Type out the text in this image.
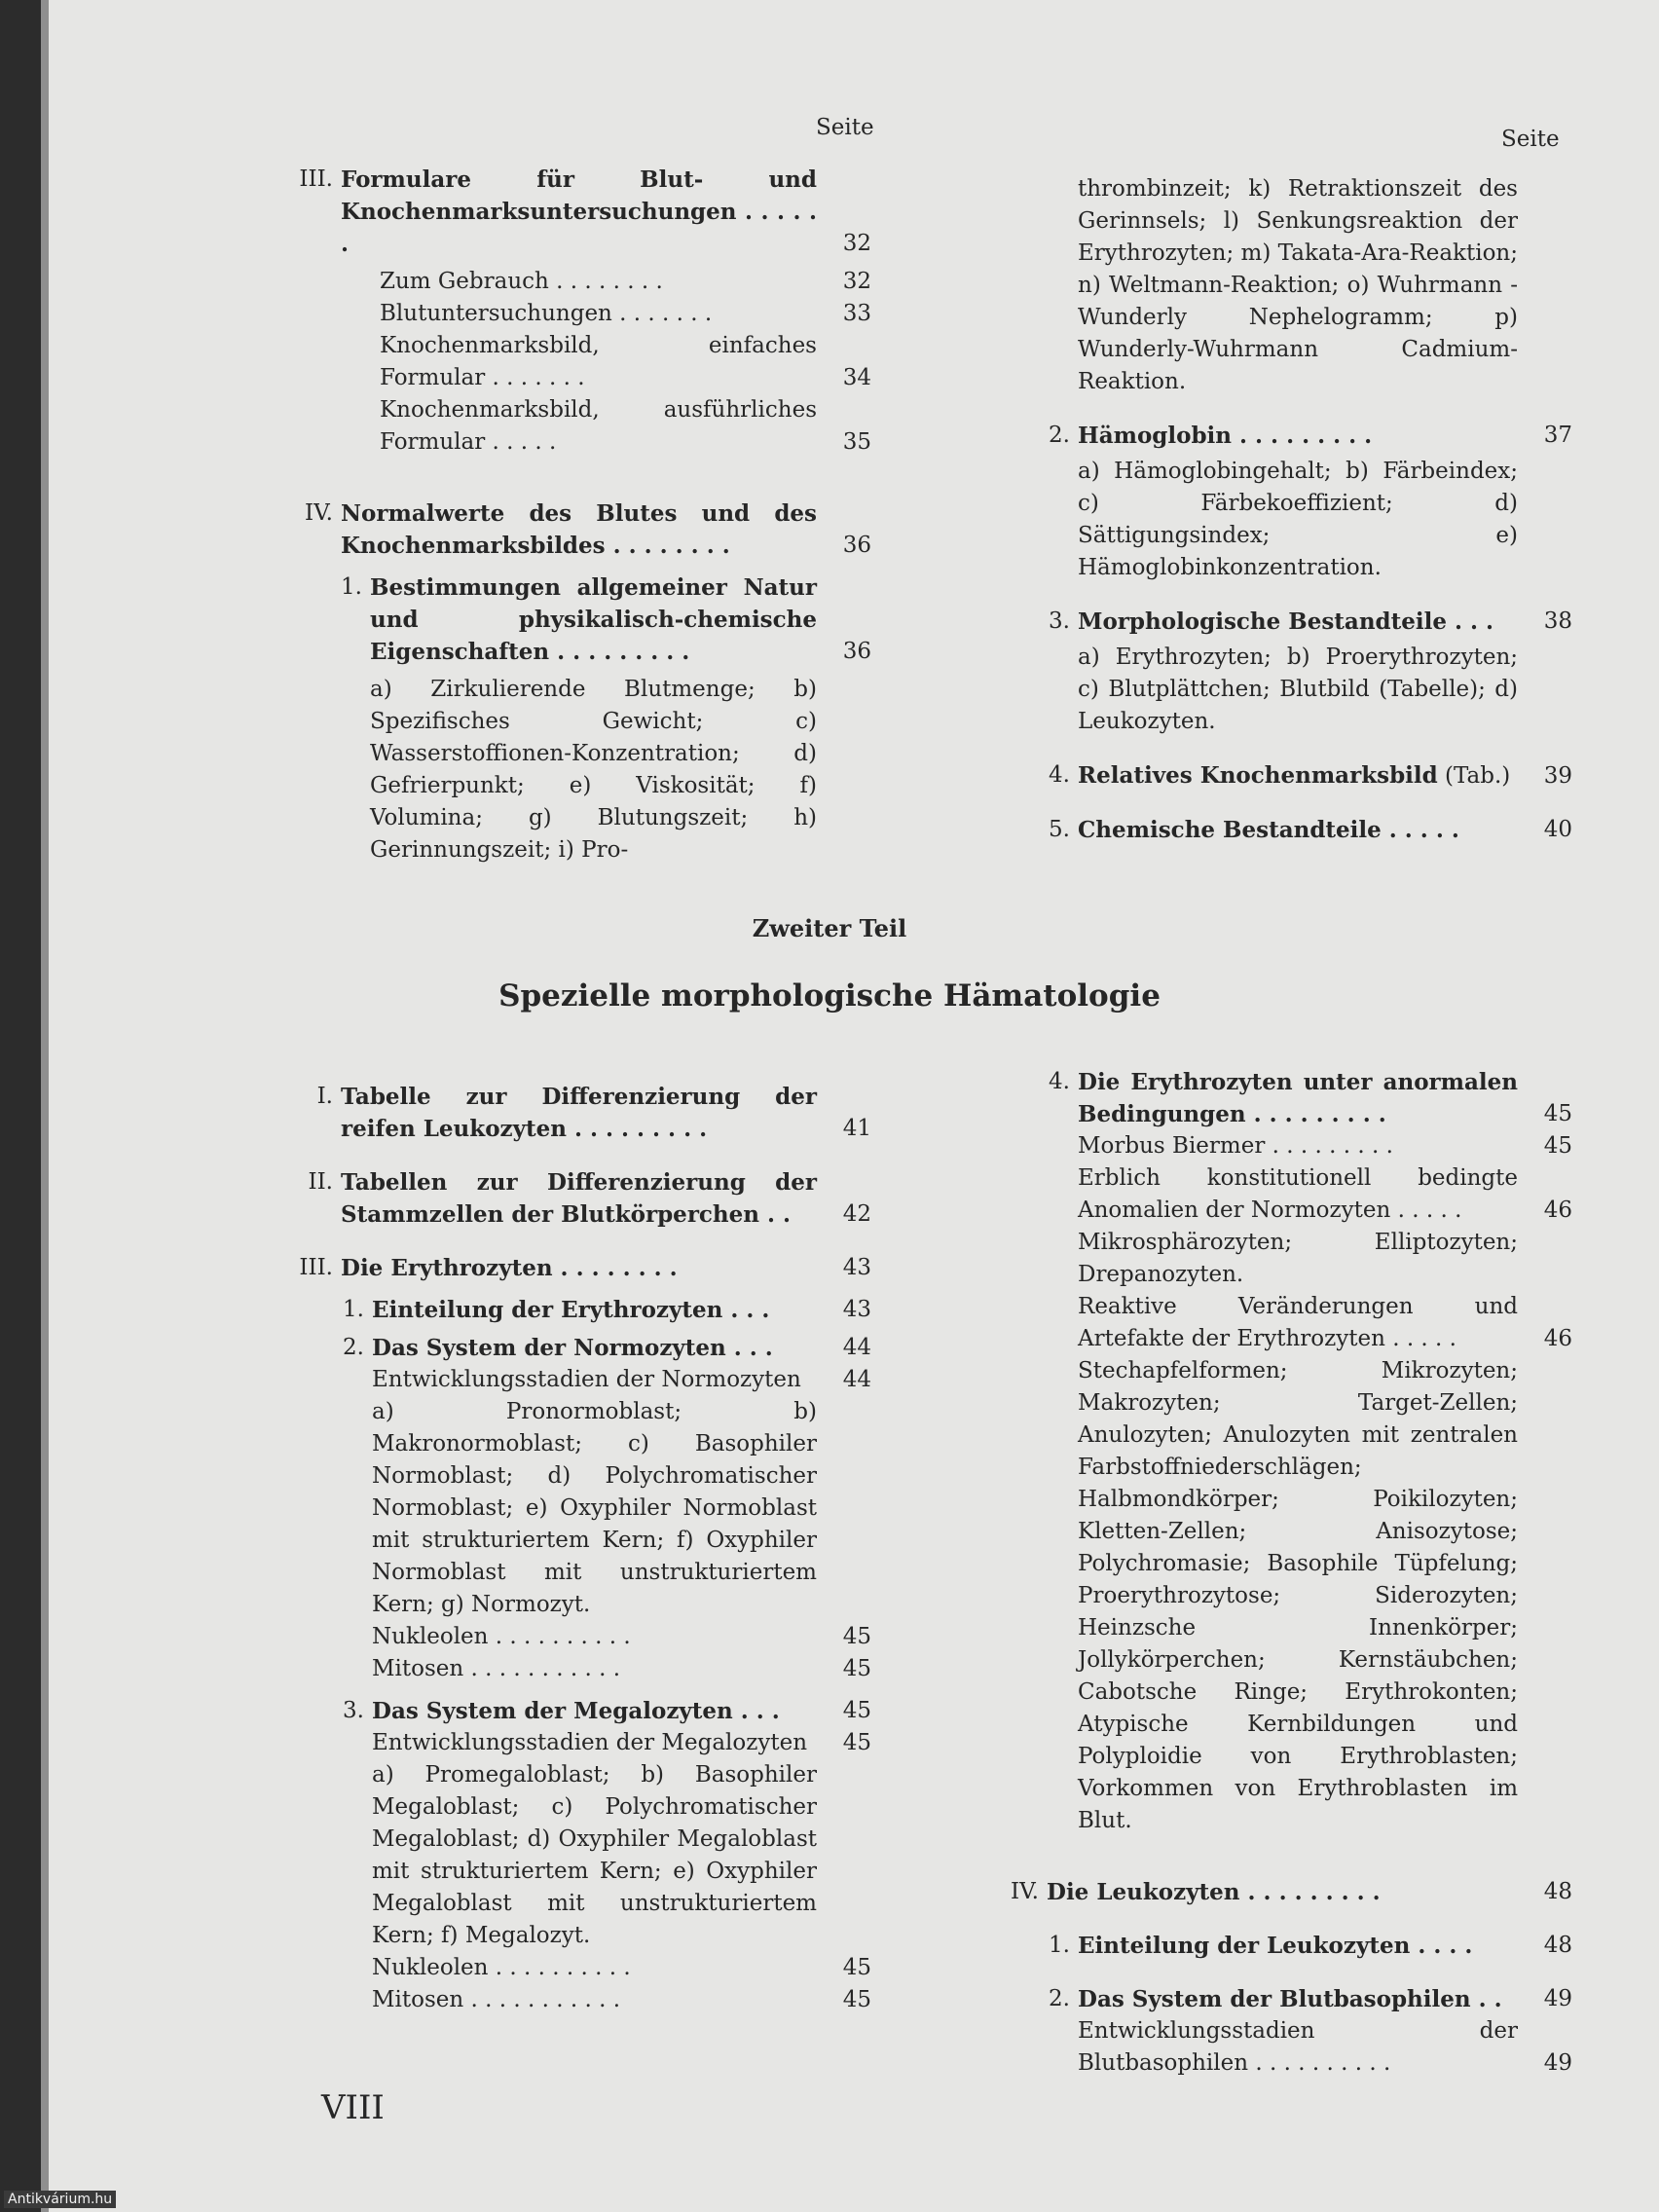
Antikvárium.hu
Seite	Seite
III. Formulare für Blut- und Knochenmarksuntersuchungen . . . . . .	32
Zum Gebrauch . . . . . . . .	32
Blutuntersuchungen . . . . . . .	33
Knochenmarksbild, einfaches Formular . . . . . . .	34
Knochenmarksbild, ausführliches Formular . . . . .	35
IV. Normalwerte des Blutes und des Knochenmarksbildes . . . . . . . .	36
1. Bestimmungen allgemeiner Natur und physikalisch-chemische Eigenschaften . . . . . . . . .	36
a) Zirkulierende Blutmenge; b) Spezifisches Gewicht; c) Wasserstoffionen-Konzentration; d) Gefrierpunkt; e) Viskosität; f) Volumina; g) Blutungszeit; h) Gerinnungszeit; i) Pro-
thrombinzeit; k) Retraktionszeit des Gerinnsels; l) Senkungsreaktion der Erythrozyten; m) Takata-Ara-Reaktion; n) Weltmann-Reaktion; o) Wuhrmann - Wunderly Nephelogramm; p) Wunderly-Wuhrmann Cadmium-Reaktion.
2. Hämoglobin . . . . . . . . .	37
a) Hämoglobingehalt; b) Färbeindex; c) Färbekoeffizient; d) Sättigungsindex; e) Hämoglobinkonzentration.
3. Morphologische Bestandteile . . .	38
a) Erythrozyten; b) Proerythrozyten; c) Blutplättchen; Blutbild (Tabelle); d) Leukozyten.
4. Relatives Knochenmarksbild (Tab.)	39
5. Chemische Bestandteile . . . . .	40
Zweiter Teil
Spezielle morphologische Hämatologie
I. Tabelle zur Differenzierung der reifen Leukozyten . . . . . . . . .	41
II. Tabellen zur Differenzierung der Stammzellen der Blutkörperchen . .	42
III. Die Erythrozyten . . . . . . . .	43
1. Einteilung der Erythrozyten . . .	43
2. Das System der Normozyten . . .	44
Entwicklungsstadien der Normozyten	44
a) Pronormoblast; b) Makronormoblast; c) Basophiler Normoblast; d) Polychromatischer Normoblast; e) Oxyphiler Normoblast mit strukturiertem Kern; f) Oxyphiler Normoblast mit unstrukturiertem Kern; g) Normozyt.
Nukleolen . . . . . . . . . .	45
Mitosen . . . . . . . . . . .	45
3. Das System der Megalozyten . . .	45
Entwicklungsstadien der Megalozyten	45
a) Promegaloblast; b) Basophiler Megaloblast; c) Polychromatischer Megaloblast; d) Oxyphiler Megaloblast mit strukturiertem Kern; e) Oxyphiler Megaloblast mit unstrukturiertem Kern; f) Megalozyt.
Nukleolen . . . . . . . . . .	45
Mitosen . . . . . . . . . . .	45
4. Die Erythrozyten unter anormalen Bedingungen . . . . . . . . .	45
Morbus Biermer . . . . . . . . .	45
Erblich konstitutionell bedingte Anomalien der Normozyten . . . . .	46
Mikrosphärozyten; Elliptozyten; Drepanozyten.
Reaktive Veränderungen und Artefakte der Erythrozyten . . . . .	46
Stechapfelformen; Mikrozyten; Makrozyten; Target-Zellen; Anulozyten; Anulozyten mit zentralen Farbstoffniederschlägen; Halbmondkörper; Poikilozyten; Kletten-Zellen; Anisozytose; Polychromasie; Basophile Tüpfelung; Proerythrozytose; Siderozyten; Heinzsche Innenkörper; Jollykörperchen; Kernstäubchen; Cabotsche Ringe; Erythrokonten; Atypische Kernbildungen und Polyploidie von Erythroblasten; Vorkommen von Erythroblasten im Blut.
IV. Die Leukozyten . . . . . . . . .	48
1. Einteilung der Leukozyten . . . .	48
2. Das System der Blutbasophilen . .	49
Entwicklungsstadien der Blutbasophilen . . . . . . . . . .	49
VIII
